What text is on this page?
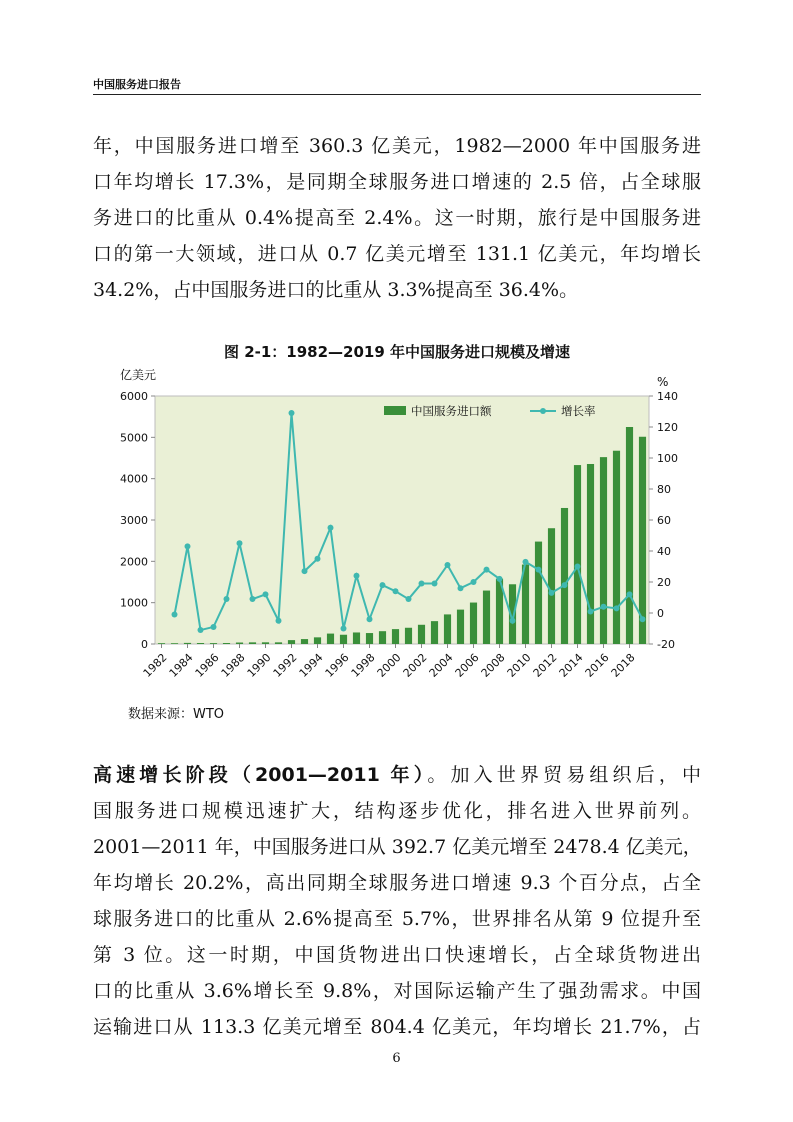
中国服务进口报告
年，中国服务进口增至 360.3 亿美元，1982—2000 年中国服务进
口年均增长 17.3%，是同期全球服务进口增速的 2.5 倍，占全球服
务进口的比重从 0.4%提高至 2.4%。这一时期，旅行是中国服务进
口的第一大领域，进口从 0.7 亿美元增至 131.1 亿美元，年均增长
34.2%，占中国服务进口的比重从 3.3%提高至 36.4%。
图 2-1：1982—2019 年中国服务进口规模及增速
0
1000
2000
3000
4000
5000
6000
-20
0
20
40
60
80
100
120
140
亿美元	%
1982
1984
1986
1988
1990
1992
1994
1996
1998
2000
2002
2004
2006
2008
2010
2012
2014
2016
2018
中国服务进口额	增长率
数据来源：WTO
高速增长阶段（2001—2011 年）。加入世界贸易组织后，中
国服务进口规模迅速扩大，结构逐步优化，排名进入世界前列。
2001—2011 年，中国服务进口从 392.7 亿美元增至 2478.4 亿美元，
年均增长 20.2%，高出同期全球服务进口增速 9.3 个百分点，占全
球服务进口的比重从 2.6%提高至 5.7%，世界排名从第 9 位提升至
第 3 位。这一时期，中国货物进出口快速增长，占全球货物进出
口的比重从 3.6%增长至 9.8%，对国际运输产生了强劲需求。中国
运输进口从 113.3 亿美元增至 804.4 亿美元，年均增长 21.7%，占
6
